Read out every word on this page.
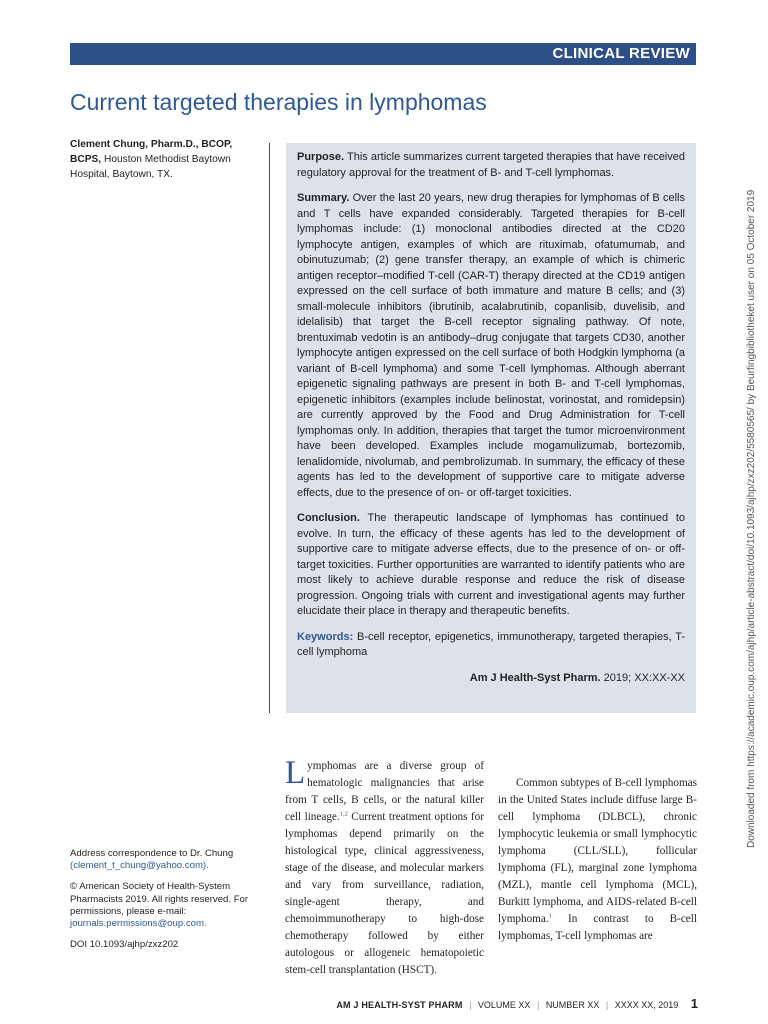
CLINICAL REVIEW
Current targeted therapies in lymphomas

Clement Chung, Pharm.D., BCOP, BCPS, Houston Methodist Baytown Hospital, Baytown, TX.

Purpose. This article summarizes current targeted therapies that have received regulatory approval for the treatment of B- and T-cell lymphomas.

Summary. Over the last 20 years, new drug therapies for lymphomas of B cells and T cells have expanded considerably. Targeted therapies for B-cell lymphomas include: (1) monoclonal antibodies directed at the CD20 lymphocyte antigen, examples of which are rituximab, ofatumumab, and obinutuzumab; (2) gene transfer therapy, an example of which is chimeric antigen receptor–modified T-cell (CAR-T) therapy directed at the CD19 antigen expressed on the cell surface of both immature and mature B cells; and (3) small-molecule inhibitors (ibrutinib, acalabrutinib, copanlisib, duvelisib, and idelalisib) that target the B-cell receptor signaling pathway. Of note, brentuximab vedotin is an antibody–drug conjugate that targets CD30, another lymphocyte antigen expressed on the cell surface of both Hodgkin lymphoma (a variant of B-cell lymphoma) and some T-cell lymphomas. Although aberrant epigenetic signaling pathways are present in both B- and T-cell lymphomas, epigenetic inhibitors (examples include belinostat, vorinostat, and romidepsin) are currently approved by the Food and Drug Administration for T-cell lymphomas only. In addition, therapies that target the tumor microenvironment have been developed. Examples include mogamulizumab, bortezomib, lenalidomide, nivolumab, and pembrolizumab. In summary, the efficacy of these agents has led to the development of supportive care to mitigate adverse effects, due to the presence of on- or off-target toxicities.

Conclusion. The therapeutic landscape of lymphomas has continued to evolve. In turn, the efficacy of these agents has led to the development of supportive care to mitigate adverse effects, due to the presence of on- or off-target toxicities. Further opportunities are warranted to identify patients who are most likely to achieve durable response and reduce the risk of disease progression. Ongoing trials with current and investigational agents may further elucidate their place in therapy and therapeutic benefits.

Keywords: B-cell receptor, epigenetics, immunotherapy, targeted therapies, T-cell lymphoma

Am J Health-Syst Pharm. 2019; XX:XX-XX	Downloaded from https://academic.oup.com/ajhp/article-abstract/doi/10.1093/ajhp/zxz202/5580565/ by Beurfingbibliotheket user on 05 October 2019

Lymphomas are a diverse group of hematologic malignancies that arise from T cells, B cells, or the natural killer cell lineage.$^{1,2}$ Current treatment options for lymphomas depend primarily on the histological type, clinical aggressiveness, stage of the disease, and molecular markers and vary from surveillance, radiation, single-agent therapy, and chemoimmunotherapy to high-dose chemotherapy followed by either autologous or allogeneic hematopoietic stem-cell transplantation (HSCT).

Common subtypes of B-cell lymphomas in the United States include diffuse large B-cell lymphoma (DLBCL), chronic lymphocytic leukemia or small lymphocytic lymphoma (CLL/SLL), follicular lymphoma (FL), marginal zone lymphoma (MZL), mantle cell lymphoma (MCL), Burkitt lymphoma, and AIDS-related B-cell lymphoma.$^1$ In contrast to B-cell lymphomas, T-cell lymphomas are

Address correspondence to Dr. Chung
(clement_t_chung@yahoo.com).

© American Society of Health-System Pharmacists 2019. All rights reserved. For permissions, please e-mail: journals.permissions@oup.com.

DOI 10.1093/ajhp/zxz202

AM J HEALTH-SYST PHARM | VOLUME XX | NUMBER XX | XXXX XX, 2019 1
